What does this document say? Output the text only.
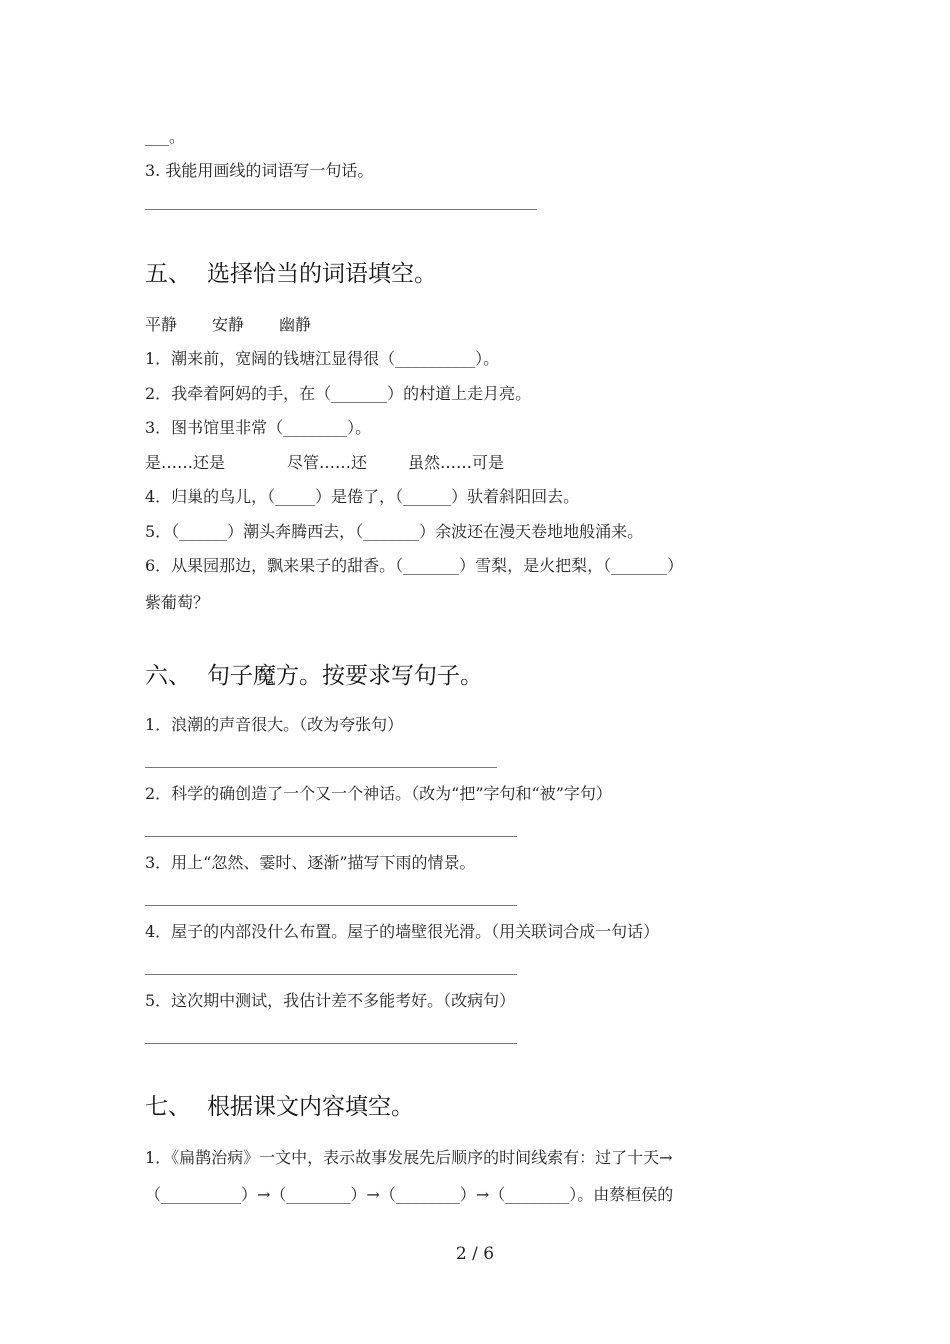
___。
3. 我能用画线的词语写一句话。
五、 选择恰当的词语填空。
平静 安静 幽静
1．潮来前，宽阔的钱塘江显得很（__________）。
2．我牵着阿妈的手，在（_______）的村道上走月亮。
3．图书馆里非常（________）。
是……还是	尽管……还	虽然……可是
4．归巢的鸟儿，（_____）是倦了，（______）驮着斜阳回去。
5．（______）潮头奔腾西去，（_______）余波还在漫天卷地地般涌来。
6．从果园那边，飘来果子的甜香。（_______）雪梨，是火把梨，（_______）
紫葡萄？
六、 句子魔方。按要求写句子。
1．浪潮的声音很大。（改为夸张句）
2．科学的确创造了一个又一个神话。（改为“把”字句和“被”字句）
3．用上“忽然、霎时、逐渐”描写下雨的情景。
4．屋子的内部没什么布置。屋子的墙壁很光滑。（用关联词合成一句话）
5．这次期中测试，我估计差不多能考好。（改病句）
七、 根据课文内容填空。
1．《扁鹊治病》一文中，表示故事发展先后顺序的时间线索有：过了十天→
（__________）→（________）→（________）→（________）。由蔡桓侯的
2 / 6
